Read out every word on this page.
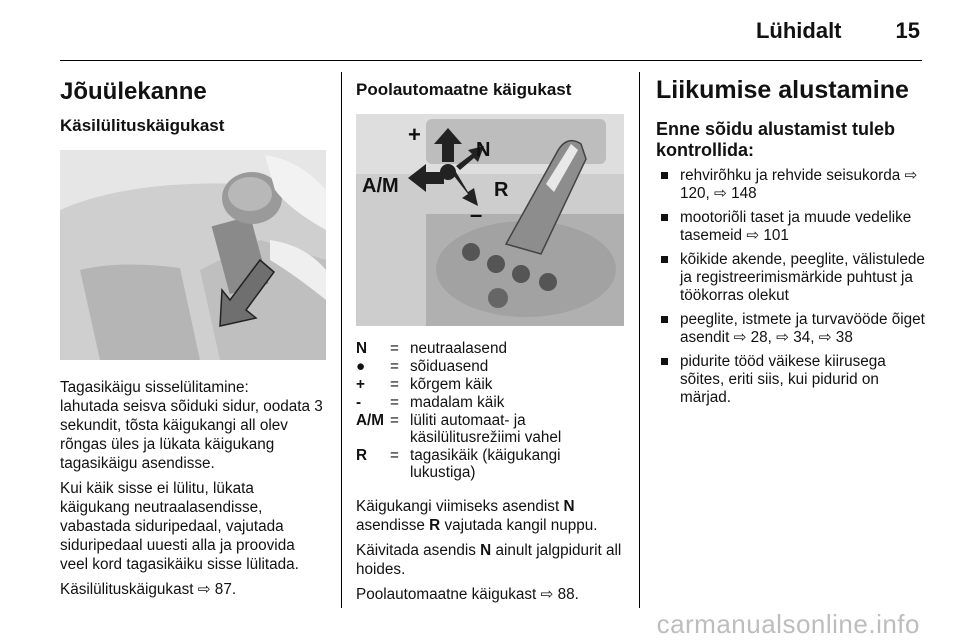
Lühidalt 15
Jõuülekanne
Käsilülituskäigukast

Tagasikäigu sisselülitamine:
lahutada seisva sõiduki sidur, oodata 3 sekundit, tõsta käigukangi all olev rõngas üles ja lükata käigukang tagasikäigu asendisse.

Kui käik sisse ei lülitu, lükata käigukang neutraalasendisse, vabastada siduripedaal, vajutada siduripedaal uuesti alla ja proovida veel kord tagasikäiku sisse lülitada.

Käsilülituskäigukast ⇨ 87.

Poolautomaatne käigukast
+
–
A/M
N
R
N	= neutraalasend
●	= sõiduasend
+	= kõrgem käik
-	= madalam käik
A/M = lüliti automaat- ja käsilülitusrežiimi vahel
R	= tagasikäik (käigukangi lukustiga)

Käigukangi viimiseks asendist N asendisse R vajutada kangil nuppu.

Käivitada asendis N ainult jalgpidurit all hoides.

Poolautomaatne käigukast ⇨ 88.

Liikumise alustamine
Enne sõidu alustamist tuleb kontrollida:
rehvirõhku ja rehvide seisukorda ⇨ 120, ⇨ 148
mootoriõli taset ja muude vedelike tasemeid ⇨ 101
kõikide akende, peeglite, välistulede ja registreerimismärkide puhtust ja töökorras olekut
peeglite, istmete ja turvavööde õiget asendit ⇨ 28, ⇨ 34, ⇨ 38
pidurite tööd väikese kiirusega sõites, eriti siis, kui pidurid on märjad.
carmanualsonline.info
